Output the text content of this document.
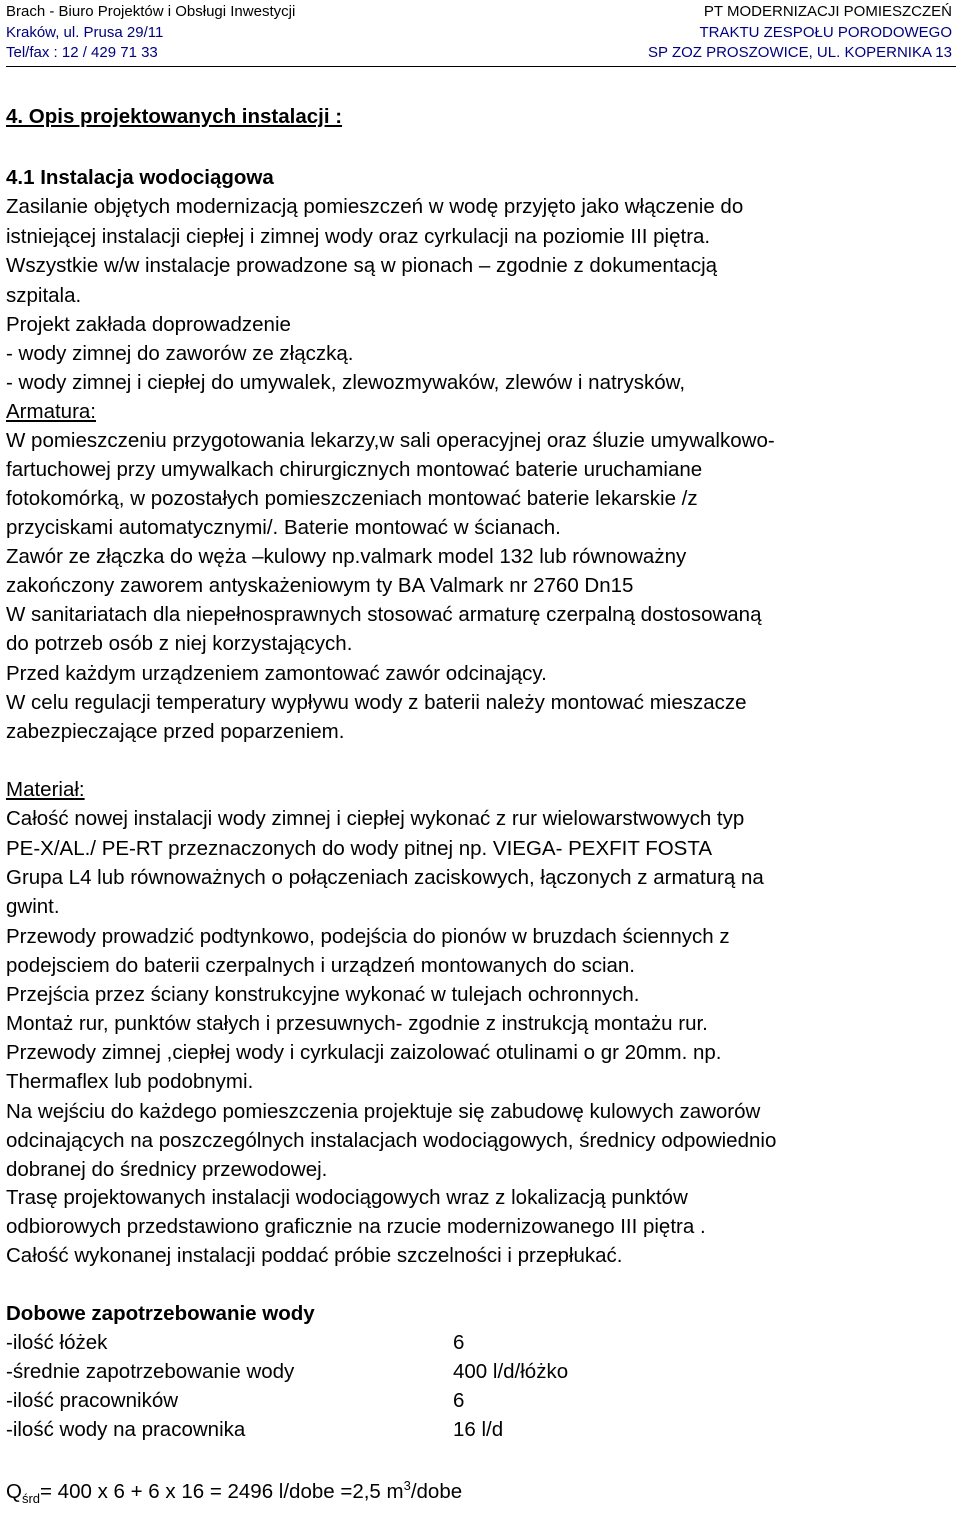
Brach - Biuro Projektów i Obsługi Inwestycji
Kraków, ul. Prusa 29/11
Tel/fax : 12 / 429 71 33
PT MODERNIZACJI POMIESZCZEŃ
TRAKTU ZESPOŁU PORODOWEGO
SP ZOZ PROSZOWICE, UL. KOPERNIKA 13
4. Opis projektowanych instalacji :
4.1 Instalacja wodociągowa
Zasilanie objętych modernizacją pomieszczeń w wodę przyjęto jako włączenie do
istniejącej instalacji ciepłej i zimnej wody oraz cyrkulacji na poziomie III piętra.
Wszystkie w/w instalacje prowadzone są w pionach – zgodnie z dokumentacją
szpitala.
Projekt zakłada doprowadzenie
- wody zimnej do zaworów ze złączką.
- wody zimnej i ciepłej do umywalek, zlewozmywaków, zlewów i natrysków,
Armatura:
W pomieszczeniu przygotowania lekarzy,w sali operacyjnej oraz śluzie umywalkowo-
fartuchowej przy umywalkach chirurgicznych montować baterie uruchamiane
fotokomórką, w pozostałych pomieszczeniach montować baterie lekarskie /z
przyciskami automatycznymi/. Baterie montować w ścianach.
Zawór ze złączka do węża –kulowy np.valmark model 132 lub równoważny
zakończony zaworem antyskażeniowym ty BA Valmark nr 2760 Dn15
W sanitariatach dla niepełnosprawnych stosować armaturę czerpalną dostosowaną
do potrzeb osób z niej korzystających.
Przed każdym urządzeniem zamontować zawór odcinający.
W celu regulacji temperatury wypływu wody z baterii należy montować mieszacze
zabezpieczające przed poparzeniem.
Materiał:
Całość nowej instalacji wody zimnej i ciepłej wykonać z rur wielowarstwowych typ
PE-X/AL./ PE-RT przeznaczonych do wody pitnej np. VIEGA- PEXFIT FOSTA
Grupa L4 lub równoważnych o połączeniach zaciskowych, łączonych z armaturą na
gwint.
Przewody prowadzić podtynkowo, podejścia do pionów w bruzdach ściennych z
podejsciem do baterii czerpalnych i urządzeń montowanych do scian.
Przejścia przez ściany konstrukcyjne wykonać w tulejach ochronnych.
Montaż rur, punktów stałych i przesuwnych- zgodnie z instrukcją montażu rur.
Przewody zimnej ,ciepłej wody i cyrkulacji zaizolować otulinami o gr 20mm. np.
Thermaflex lub podobnymi.
Na wejściu do każdego pomieszczenia projektuje się zabudowę kulowych zaworów
odcinających na poszczególnych instalacjach wodociągowych, średnicy odpowiednio
dobranej do średnicy przewodowej.
Trasę projektowanych instalacji wodociągowych wraz z lokalizacją punktów
odbiorowych przedstawiono graficznie na rzucie modernizowanego III piętra .
Całość wykonanej instalacji poddać próbie szczelności i przepłukać.
Dobowe zapotrzebowanie wody
-ilość łóżek	6
-średnie zapotrzebowanie wody	400 l/d/łóżko
-ilość pracowników	6
-ilość wody na pracownika	16 l/d
$Q_{śrd}= 400$ x 6 + 6 x 16 = 2496 l/dobe =2,5 $m^3$/dobe
